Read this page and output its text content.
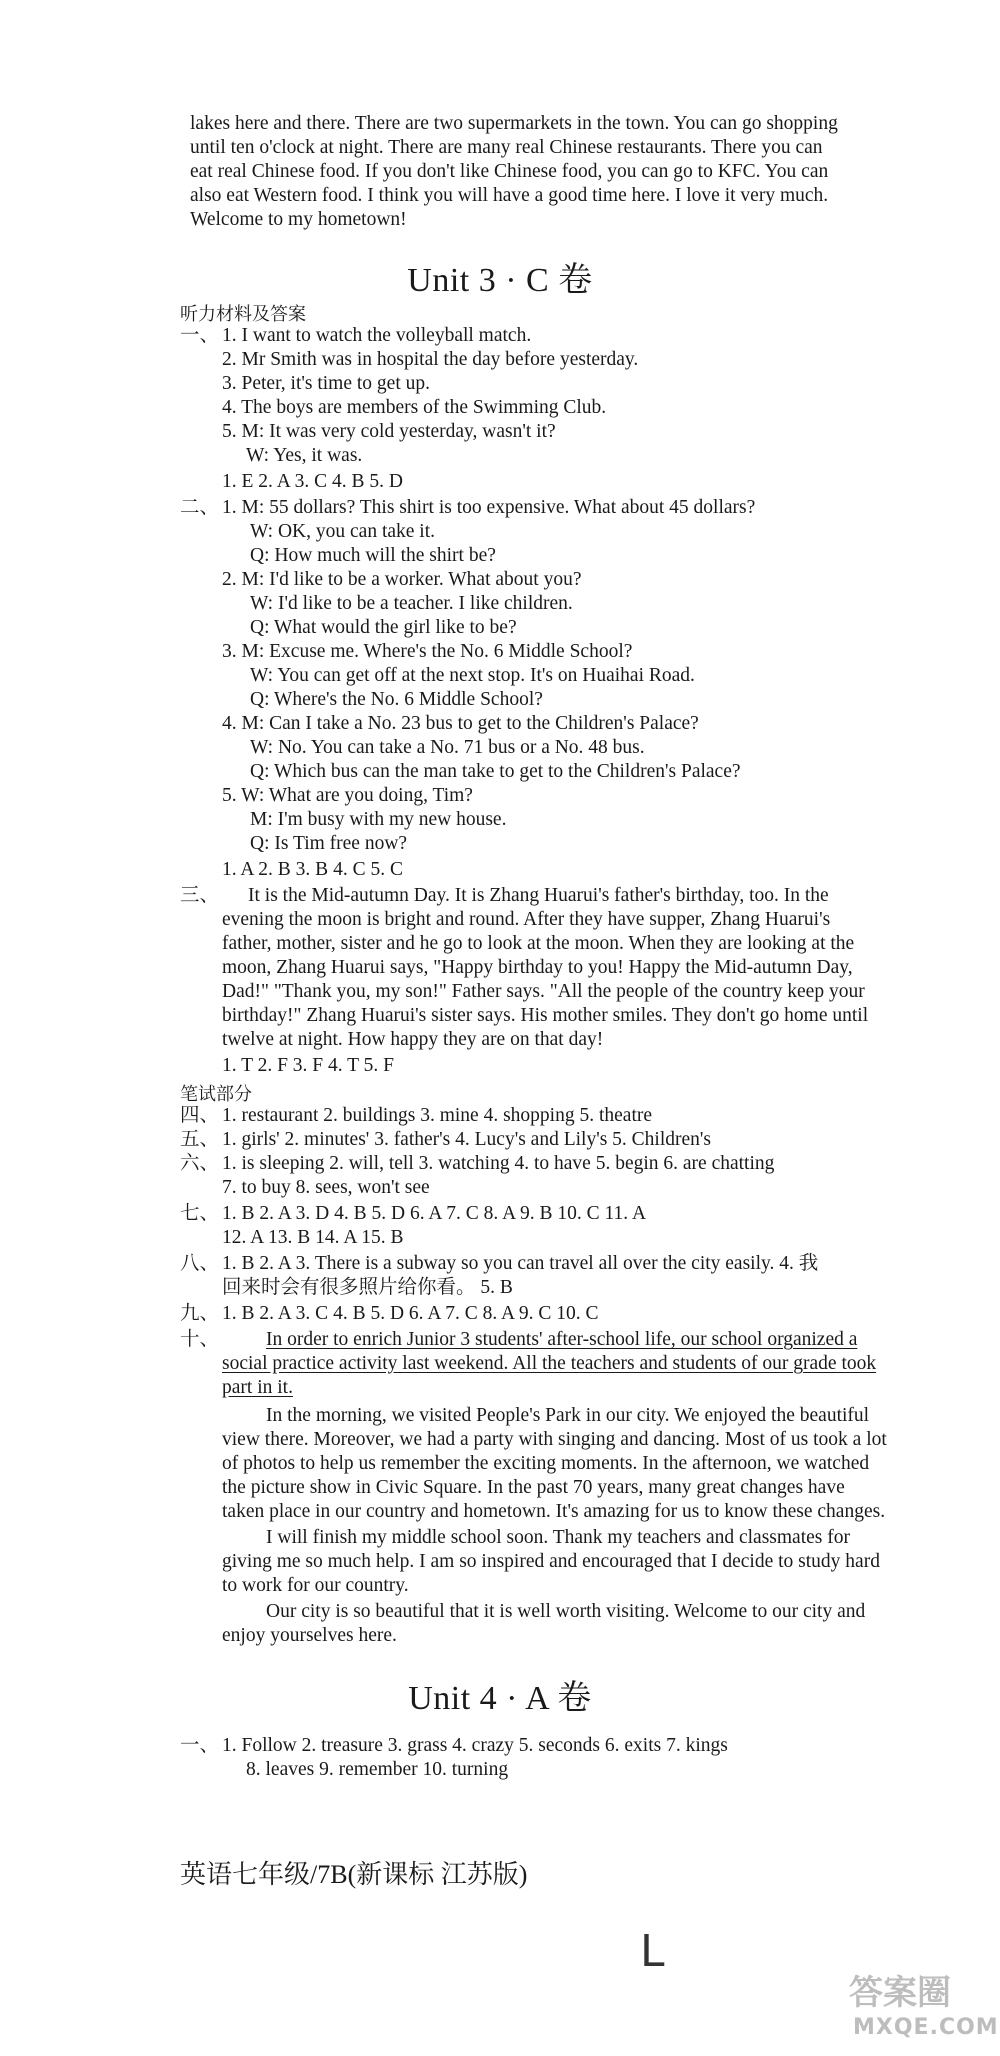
lakes here and there. There are two supermarkets in the town. You can go shopping
until ten o'clock at night. There are many real Chinese restaurants. There you can
eat real Chinese food. If you don't like Chinese food, you can go to KFC. You can
also eat Western food. I think you will have a good time here. I love it very much.
Welcome to my hometown!
Unit 3 · C 卷
听力材料及答案
一、 1. I want to watch the volleyball match.
2. Mr Smith was in hospital the day before yesterday.
3. Peter, it's time to get up.
4. The boys are members of the Swimming Club.
5. M: It was very cold yesterday, wasn't it?
W: Yes, it was.
1. E 2. A 3. C 4. B 5. D
二、 1. M: 55 dollars? This shirt is too expensive. What about 45 dollars?
W: OK, you can take it.
Q: How much will the shirt be?
2. M: I'd like to be a worker. What about you?
W: I'd like to be a teacher. I like children.
Q: What would the girl like to be?
3. M: Excuse me. Where's the No. 6 Middle School?
W: You can get off at the next stop. It's on Huaihai Road.
Q: Where's the No. 6 Middle School?
4. M: Can I take a No. 23 bus to get to the Children's Palace?
W: No. You can take a No. 71 bus or a No. 48 bus.
Q: Which bus can the man take to get to the Children's Palace?
5. W: What are you doing, Tim?
M: I'm busy with my new house.
Q: Is Tim free now?
1. A 2. B 3. B 4. C 5. C
三、 It is the Mid-autumn Day. It is Zhang Huarui's father's birthday, too. In the
evening the moon is bright and round. After they have supper, Zhang Huarui's
father, mother, sister and he go to look at the moon. When they are looking at the
moon, Zhang Huarui says, "Happy birthday to you! Happy the Mid-autumn Day,
Dad!" "Thank you, my son!" Father says. "All the people of the country keep your
birthday!" Zhang Huarui's sister says. His mother smiles. They don't go home until
twelve at night. How happy they are on that day!
1. T 2. F 3. F 4. T 5. F
笔试部分
四、 1. restaurant 2. buildings 3. mine 4. shopping 5. theatre
五、 1. girls' 2. minutes' 3. father's 4. Lucy's and Lily's 5. Children's
六、 1. is sleeping 2. will, tell 3. watching 4. to have 5. begin 6. are chatting
7. to buy 8. sees, won't see
七、 1. B 2. A 3. D 4. B 5. D 6. A 7. C 8. A 9. B 10. C 11. A
12. A 13. B 14. A 15. B
八、 1. B 2. A 3. There is a subway so you can travel all over the city easily. 4. 我
回来时会有很多照片给你看。 5. B
九、 1. B 2. A 3. C 4. B 5. D 6. A 7. C 8. A 9. C 10. C
十、 In order to enrich Junior 3 students' after-school life, our school organized a
social practice activity last weekend. All the teachers and students of our grade took
part in it.
In the morning, we visited People's Park in our city. We enjoyed the beautiful
view there. Moreover, we had a party with singing and dancing. Most of us took a lot
of photos to help us remember the exciting moments. In the afternoon, we watched
the picture show in Civic Square. In the past 70 years, many great changes have
taken place in our country and hometown. It's amazing for us to know these changes.
I will finish my middle school soon. Thank my teachers and classmates for
giving me so much help. I am so inspired and encouraged that I decide to study hard
to work for our country.
Our city is so beautiful that it is well worth visiting. Welcome to our city and
enjoy yourselves here.
Unit 4 · A 卷
一、 1. Follow 2. treasure 3. grass 4. crazy 5. seconds 6. exits 7. kings
8. leaves 9. remember 10. turning
英语七年级/7B(新课标 江苏版)
L
答案圈
MXQE.COM
